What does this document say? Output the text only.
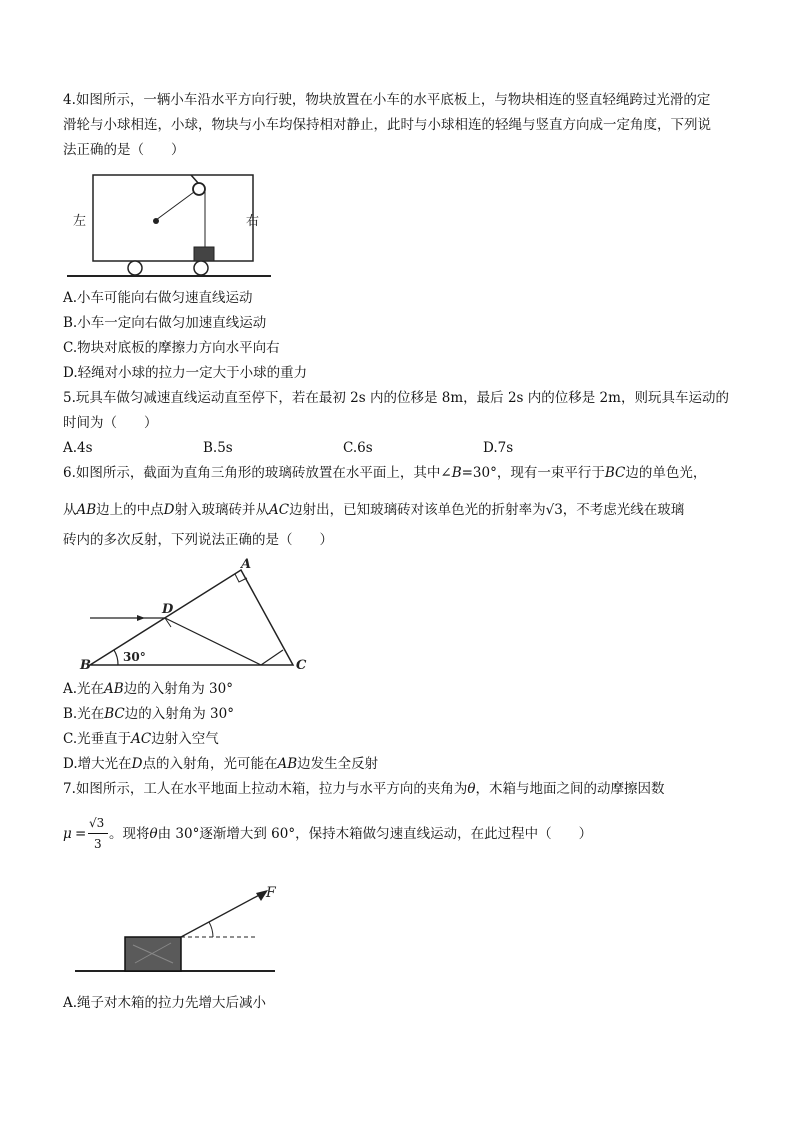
4.如图所示，一辆小车沿水平方向行驶，物块放置在小车的水平底板上，与物块相连的竖直轻绳跨过光滑的定
滑轮与小球相连，小球，物块与小车均保持相对静止，此时与小球相连的轻绳与竖直方向成一定角度，下列说
法正确的是（　　）
左	右
A.小车可能向右做匀速直线运动
B.小车一定向右做匀加速直线运动
C.物块对底板的摩擦力方向水平向右
D.轻绳对小球的拉力一定大于小球的重力
5.玩具车做匀减速直线运动直至停下，若在最初 2s 内的位移是 8m，最后 2s 内的位移是 2m，则玩具车运动的
时间为（　　）
A.4s	B.5s	C.6s	D.7s
6.如图所示，截面为直角三角形的玻璃砖放置在水平面上，其中∠B=30°，现有一束平行于BC边的单色光，
从AB边上的中点D射入玻璃砖并从AC边射出，已知玻璃砖对该单色光的折射率为√3，不考虑光线在玻璃
砖内的多次反射，下列说法正确的是（　　）
A
B	C
D
30°
A.光在AB边的入射角为 30°
B.光在BC边的入射角为 30°
C.光垂直于AC边射入空气
D.增大光在D点的入射角，光可能在AB边发生全反射
7.如图所示，工人在水平地面上拉动木箱，拉力与水平方向的夹角为θ，木箱与地面之间的动摩擦因数
μ =
√3
3
。现将θ由 30°逐渐增大到 60°，保持木箱做匀速直线运动，在此过程中（　　）
F
A.绳子对木箱的拉力先增大后减小
